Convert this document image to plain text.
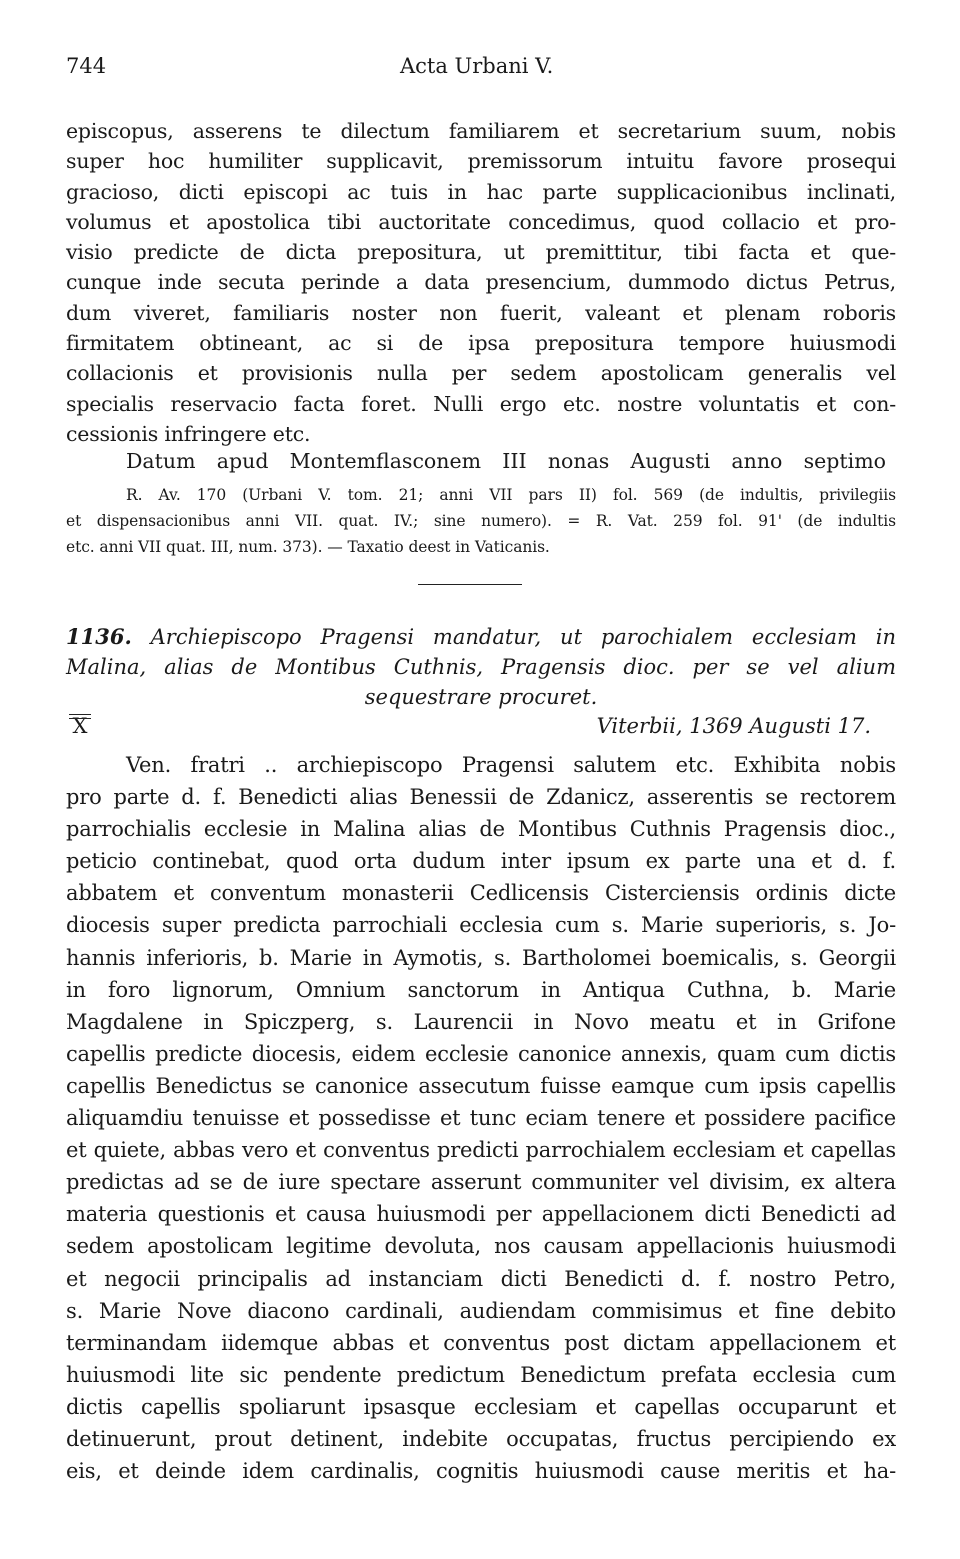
744	Acta Urbani V.
episcopus, asserens te dilectum familiarem et secretarium suum, nobis
super hoc humiliter supplicavit, premissorum intuitu favore prosequi
gracioso, dicti episcopi ac tuis in hac parte supplicacionibus inclinati,
volumus et apostolica tibi auctoritate concedimus, quod collacio et pro-
visio predicte de dicta prepositura, ut premittitur, tibi facta et que-
cunque inde secuta perinde a data presencium, dummodo dictus Petrus,
dum viveret, familiaris noster non fuerit, valeant et plenam roboris
firmitatem obtineant, ac si de ipsa prepositura tempore huiusmodi
collacionis et provisionis nulla per sedem apostolicam generalis vel
specialis reservacio facta foret. Nulli ergo etc. nostre voluntatis et con-
cessionis infringere etc.
Datum apud Montemflasconem III nonas Augusti anno septimo
R. Av. 170 (Urbani V. tom. 21; anni VII pars II) fol. 569 (de indultis, privilegiis
et dispensacionibus anni VII. quat. IV.; sine numero). = R. Vat. 259 fol. 91' (de indultis
etc. anni VII quat. III, num. 373). — Taxatio deest in Vaticanis.
1136. Archiepiscopo Pragensi mandatur, ut parochialem ecclesiam in
Malina, alias de Montibus Cuthnis, Pragensis dioc. per se vel alium
sequestrare procuret.
X	Viterbii, 1369 Augusti 17.
Ven. fratri .. archiepiscopo Pragensi salutem etc. Exhibita nobis
pro parte d. f. Benedicti alias Benessii de Zdanicz, asserentis se rectorem
parrochialis ecclesie in Malina alias de Montibus Cuthnis Pragensis dioc.,
peticio continebat, quod orta dudum inter ipsum ex parte una et d. f.
abbatem et conventum monasterii Cedlicensis Cisterciensis ordinis dicte
diocesis super predicta parrochiali ecclesia cum s. Marie superioris, s. Jo-
hannis inferioris, b. Marie in Aymotis, s. Bartholomei boemicalis, s. Georgii
in foro lignorum, Omnium sanctorum in Antiqua Cuthna, b. Marie
Magdalene in Spiczperg, s. Laurencii in Novo meatu et in Grifone
capellis predicte diocesis, eidem ecclesie canonice annexis, quam cum dictis
capellis Benedictus se canonice assecutum fuisse eamque cum ipsis capellis
aliquamdiu tenuisse et possedisse et tunc eciam tenere et possidere pacifice
et quiete, abbas vero et conventus predicti parrochialem ecclesiam et capellas
predictas ad se de iure spectare asserunt communiter vel divisim, ex altera
materia questionis et causa huiusmodi per appellacionem dicti Benedicti ad
sedem apostolicam legitime devoluta, nos causam appellacionis huiusmodi
et negocii principalis ad instanciam dicti Benedicti d. f. nostro Petro,
s. Marie Nove diacono cardinali, audiendam commisimus et fine debito
terminandam iidemque abbas et conventus post dictam appellacionem et
huiusmodi lite sic pendente predictum Benedictum prefata ecclesia cum
dictis capellis spoliarunt ipsasque ecclesiam et capellas occuparunt et
detinuerunt, prout detinent, indebite occupatas, fructus percipiendo ex
eis, et deinde idem cardinalis, cognitis huiusmodi cause meritis et ha-
